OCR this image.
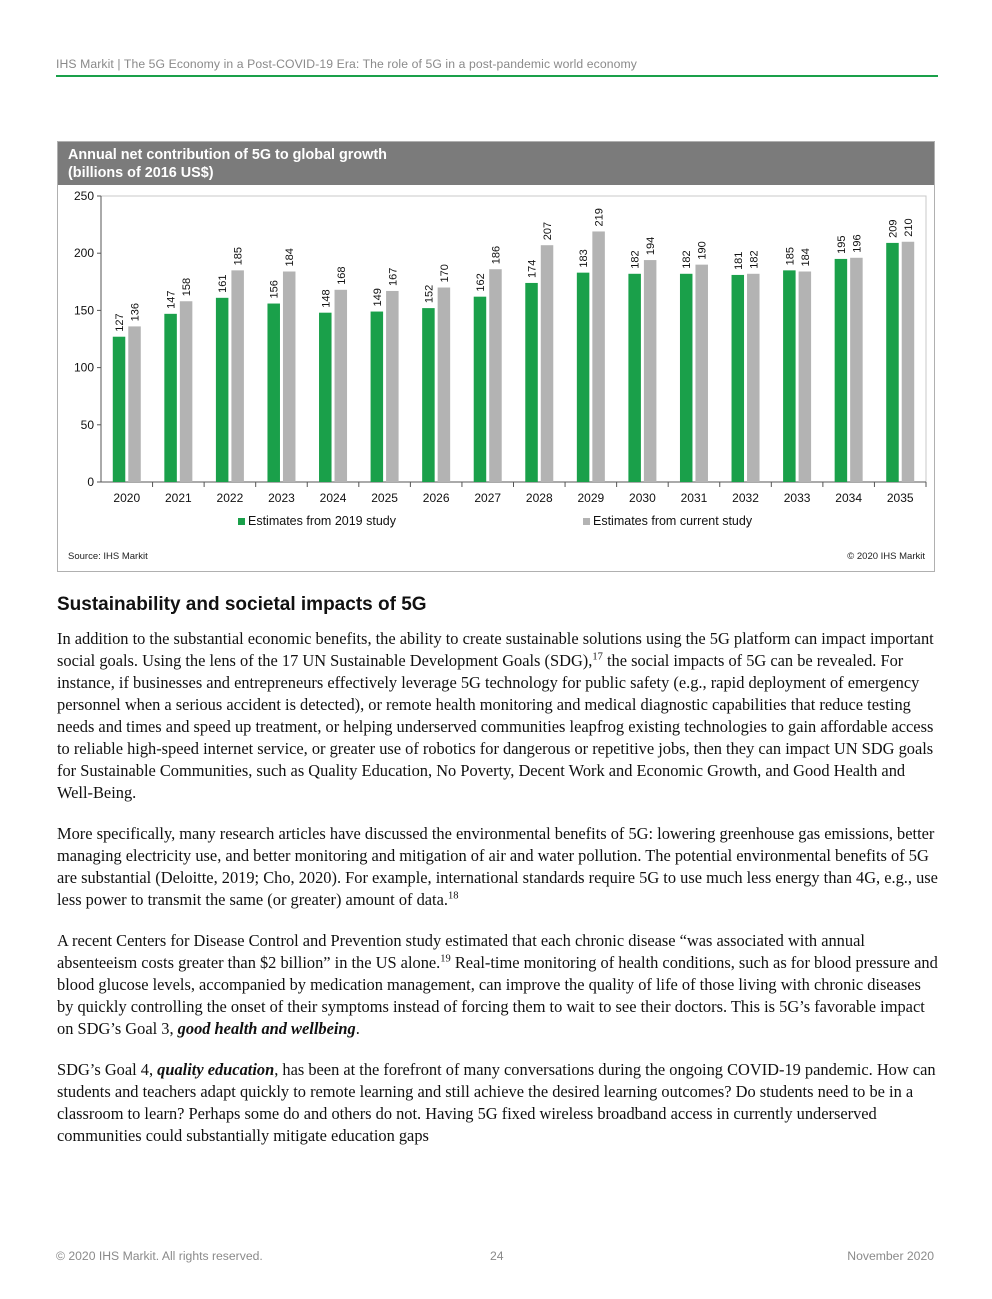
IHS Markit | The 5G Economy in a Post-COVID-19 Era: The role of 5G in a post-pandemic world economy
Annual net contribution of 5G to global growth
(billions of 2016 US$)
0
50
100
150
200
250
2020
127
136
2021
147
158
2022
161
185
2023
156
184
2024
148
168
2025
149
167
2026
152
170
2027
162
186
2028
174
207
2029
183
219
2030
182
194
2031
182 190
2032
181 182
2033
185 184
2034
195 196
2035
209 210
Estimates from 2019 study	Estimates from current study
Source: IHS Markit	© 2020 IHS Markit
Sustainability and societal impacts of 5G

In addition to the substantial economic benefits, the ability to create sustainable solutions using the 5G platform can impact important social goals. Using the lens of the 17 UN Sustainable Development Goals (SDG),$^{17}$ the social impacts of 5G can be revealed. For instance, if businesses and entrepreneurs effectively leverage 5G technology for public safety (e.g., rapid deployment of emergency personnel when a serious accident is detected), or remote health monitoring and medical diagnostic capabilities that reduce testing needs and times and speed up treatment, or helping underserved communities leapfrog existing technologies to gain affordable access to reliable high-speed internet service, or greater use of robotics for dangerous or repetitive jobs, then they can impact UN SDG goals for Sustainable Communities, such as Quality Education, No Poverty, Decent Work and Economic Growth, and Good Health and Well-Being.

More specifically, many research articles have discussed the environmental benefits of 5G: lowering greenhouse gas emissions, better managing electricity use, and better monitoring and mitigation of air and water pollution. The potential environmental benefits of 5G are substantial (Deloitte, 2019; Cho, 2020). For example, international standards require 5G to use much less energy than 4G, e.g., use less power to transmit the same (or greater) amount of data.$^{18}$

A recent Centers for Disease Control and Prevention study estimated that each chronic disease “was associated with annual absenteeism costs greater than $2 billion” in the US alone.$^{19}$ Real-time monitoring of health conditions, such as for blood pressure and blood glucose levels, accompanied by medication management, can improve the quality of life of those living with chronic diseases by quickly controlling the onset of their symptoms instead of forcing them to wait to see their doctors. This is 5G’s favorable impact on SDG’s Goal 3, good health and wellbeing.

SDG’s Goal 4, quality education, has been at the forefront of many conversations during the ongoing COVID-19 pandemic. How can students and teachers adapt quickly to remote learning and still achieve the desired learning outcomes? Do students need to be in a classroom to learn? Perhaps some do and others do not. Having 5G fixed wireless broadband access in currently underserved communities could substantially mitigate education gaps

© 2020 IHS Markit. All rights reserved.	24	November 2020
